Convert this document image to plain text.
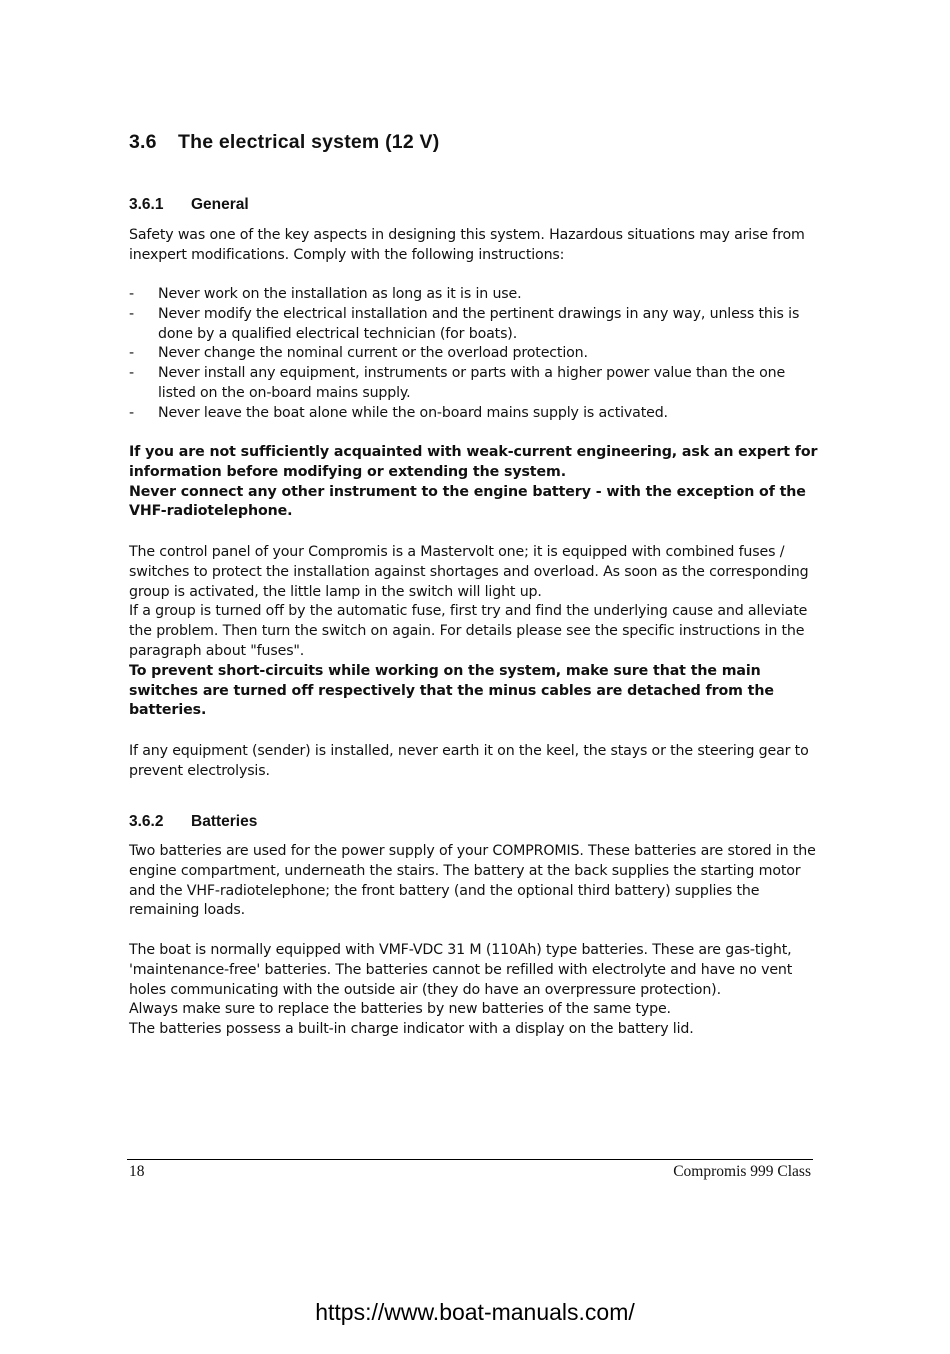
3.6 The electrical system (12 V)
3.6.1 General

Safety was one of the key aspects in designing this system. Hazardous situations may arise from inexpert modifications. Comply with the following instructions:

- Never work on the installation as long as it is in use.
- Never modify the electrical installation and the pertinent drawings in any way, unless this is done by a qualified electrical technician (for boats).
- Never change the nominal current or the overload protection.
- Never install any equipment, instruments or parts with a higher power value than the one listed on the on-board mains supply.
- Never leave the boat alone while the on-board mains supply is activated.

If you are not sufficiently acquainted with weak-current engineering, ask an expert for information before modifying or extending the system.

Never connect any other instrument to the engine battery - with the exception of the VHF-radiotelephone.

The control panel of your Compromis is a Mastervolt one; it is equipped with combined fuses / switches to protect the installation against shortages and overload. As soon as the corresponding group is activated, the little lamp in the switch will light up.

If a group is turned off by the automatic fuse, first try and find the underlying cause and alleviate the problem. Then turn the switch on again. For details please see the specific instructions in the paragraph about "fuses".

To prevent short-circuits while working on the system, make sure that the main switches are turned off respectively that the minus cables are detached from the batteries.

If any equipment (sender) is installed, never earth it on the keel, the stays or the steering gear to prevent electrolysis.

3.6.2 Batteries

Two batteries are used for the power supply of your COMPROMIS. These batteries are stored in the engine compartment, underneath the stairs. The battery at the back supplies the starting motor and the VHF-radiotelephone; the front battery (and the optional third battery) supplies the remaining loads.

The boat is normally equipped with VMF-VDC 31 M (110Ah) type batteries. These are gas-tight, 'maintenance-free' batteries. The batteries cannot be refilled with electrolyte and have no vent holes communicating with the outside air (they do have an overpressure protection).

Always make sure to replace the batteries by new batteries of the same type.

The batteries possess a built-in charge indicator with a display on the battery lid.

18	Compromis 999 Class
https://www.boat-manuals.com/
